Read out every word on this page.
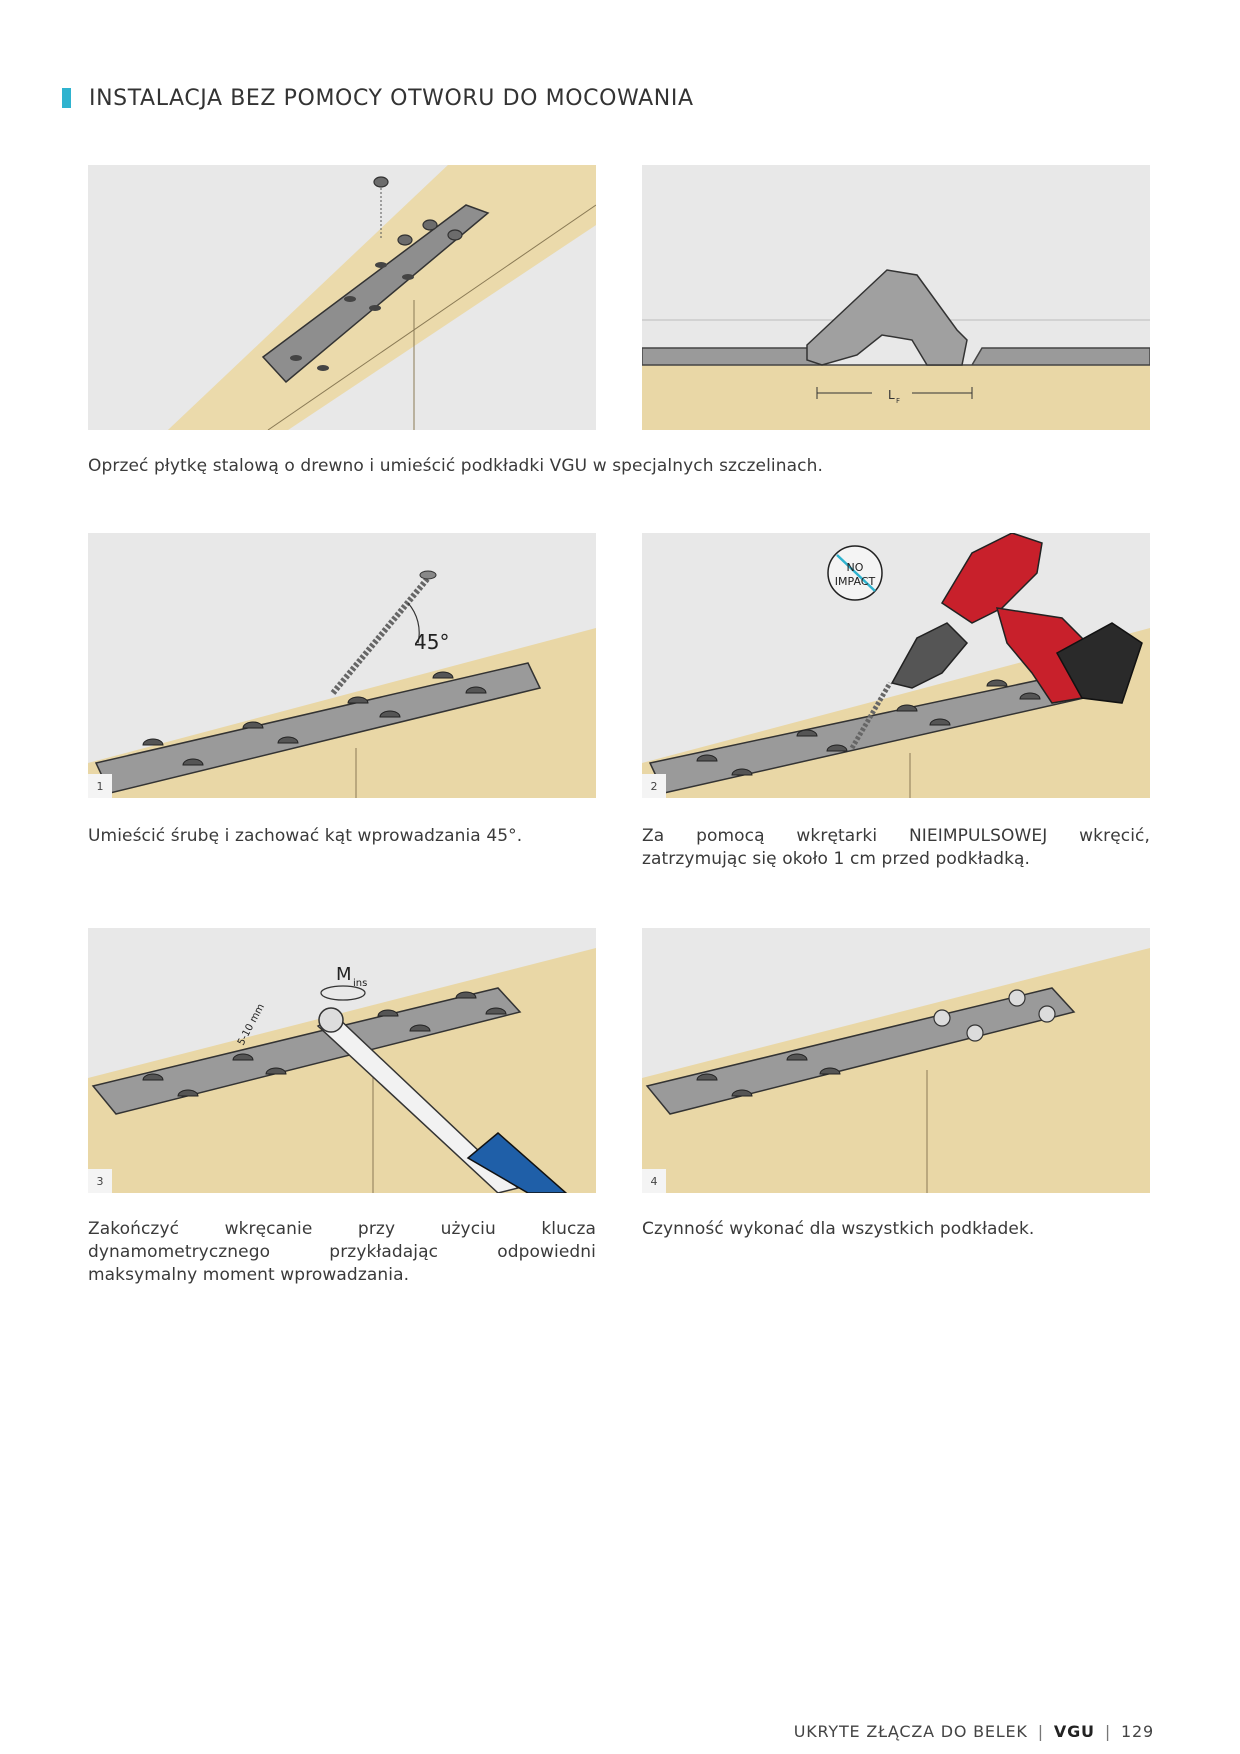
INSTALACJA BEZ POMOCY OTWORU DO MOCOWANIA
L F
Oprzeć płytkę stalową o drewno i umieścić podkładki VGU w specjalnych szczelinach.
45°
1
NO
IMPACT
2
Umieścić śrubę i zachować kąt wprowadzania 45°.	Za pomocą wkrętarki NIEIMPULSOWEJ wkręcić, zatrzymując się około 1 cm przed podkładką.
M ins
5-10 mm
3	4
Zakończyć wkręcanie przy użyciu klucza dynamometrycznego przykładając odpowiedni maksymalny moment wprowadzania.
Czynność wykonać dla wszystkich podkładek.
UKRYTE ZŁĄCZA DO BELEK | VGU | 129
